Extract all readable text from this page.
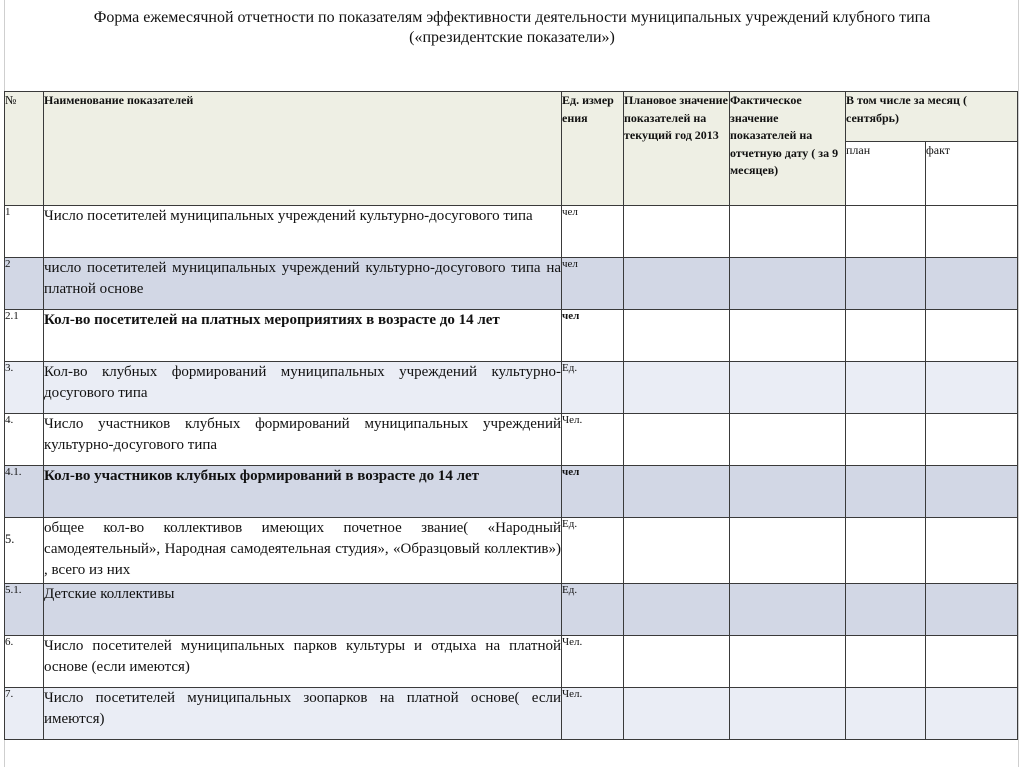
Форма ежемесячной отчетности по показателям эффективности деятельности муниципальных учреждений клубного типа
(«президентские показатели»)
№	Наименование показателей	Ед. измер ения	Плановое значение показателей на текущий год 2013	Фактическое значение показателей на отчетную дату ( за 9 месяцев)	В том числе за месяц ( сентябрь)	
					план	факт
1	Число посетителей муниципальных учреждений культурно-досугового типа	чел				
2	число посетителей муниципальных учреждений культурно-досугового типа на платной основе	чел				
2.1	Кол-во посетителей на платных мероприятиях в возрасте до 14 лет	чел				
3.	Кол-во клубных формирований муниципальных учреждений культурно-досугового типа	Ед.				
4.	Число участников клубных формирований муниципальных учреждений культурно-досугового типа	Чел.				
4.1.	Кол-во участников клубных формирований в возрасте до 14 лет	чел				
5.	общее кол-во коллективов имеющих почетное звание( «Народный самодеятельный», Народная самодеятельная студия», «Образцовый коллектив») , всего из них	Ед.				
5.1.	Детские коллективы	Ед.				
6.	Число посетителей муниципальных парков культуры и отдыха на платной основе (если имеются)	Чел.				
7.	Число посетителей муниципальных зоопарков на платной основе( если имеются)	Чел.				
